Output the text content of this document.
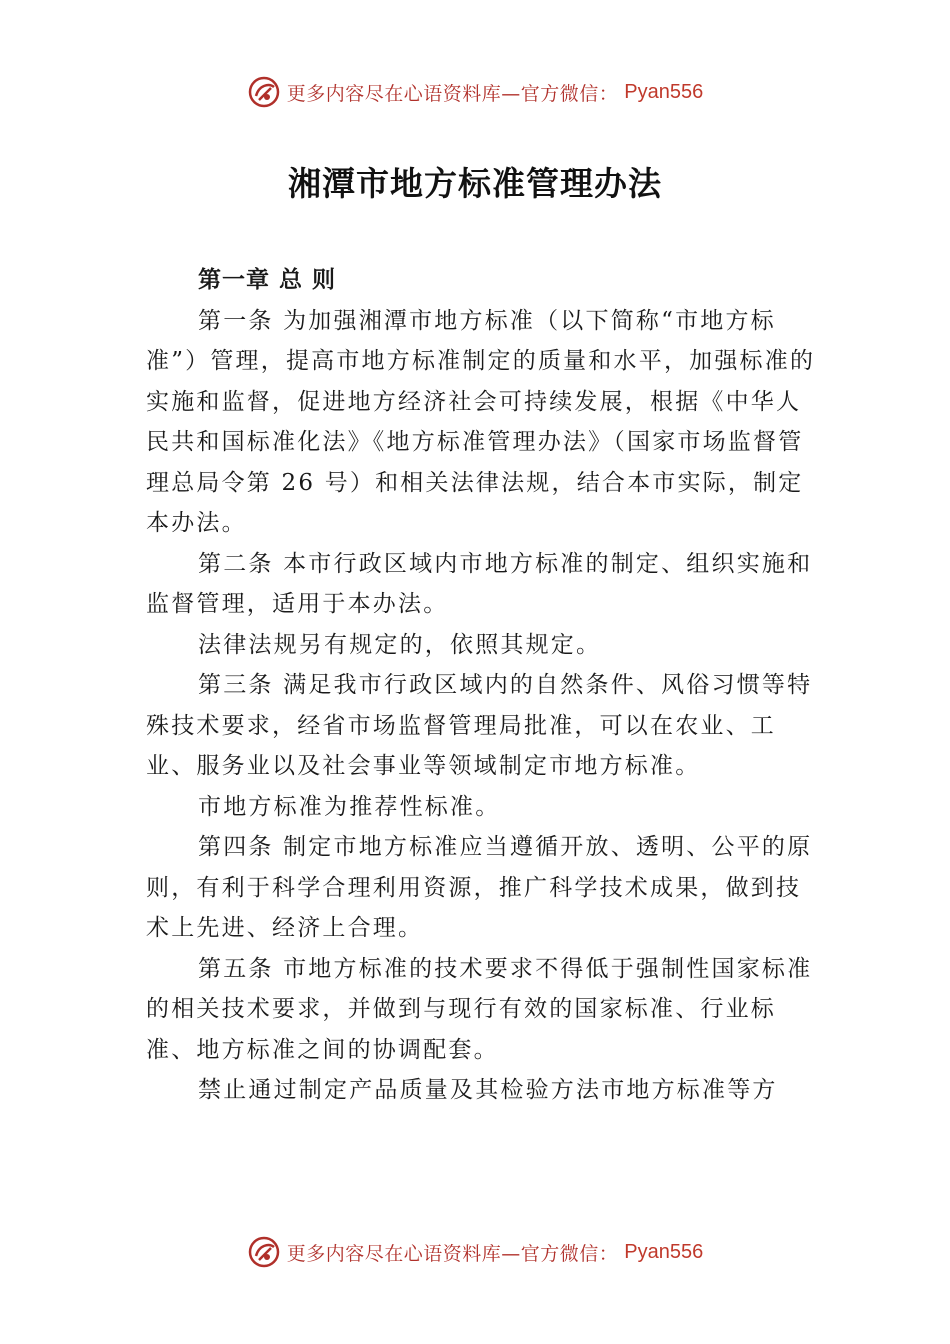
更多内容尽在心语资料库—官方微信： Pyan556
湘潭市地方标准管理办法

第一章 总 则

第一条 为加强湘潭市地方标准（以下简称“市地方标准”）管理，提高市地方标准制定的质量和水平，加强标准的实施和监督，促进地方经济社会可持续发展，根据《中华人民共和国标准化法》《地方标准管理办法》（国家市场监督管理总局令第 26 号）和相关法律法规，结合本市实际，制定本办法。

第二条 本市行政区域内市地方标准的制定、组织实施和监督管理，适用于本办法。

法律法规另有规定的，依照其规定。

第三条 满足我市行政区域内的自然条件、风俗习惯等特殊技术要求，经省市场监督管理局批准，可以在农业、工业、服务业以及社会事业等领域制定市地方标准。

市地方标准为推荐性标准。

第四条 制定市地方标准应当遵循开放、透明、公平的原则，有利于科学合理利用资源，推广科学技术成果，做到技术上先进、经济上合理。

第五条 市地方标准的技术要求不得低于强制性国家标准的相关技术要求，并做到与现行有效的国家标准、行业标准、地方标准之间的协调配套。

禁止通过制定产品质量及其检验方法市地方标准等方

更多内容尽在心语资料库—官方微信： Pyan556
